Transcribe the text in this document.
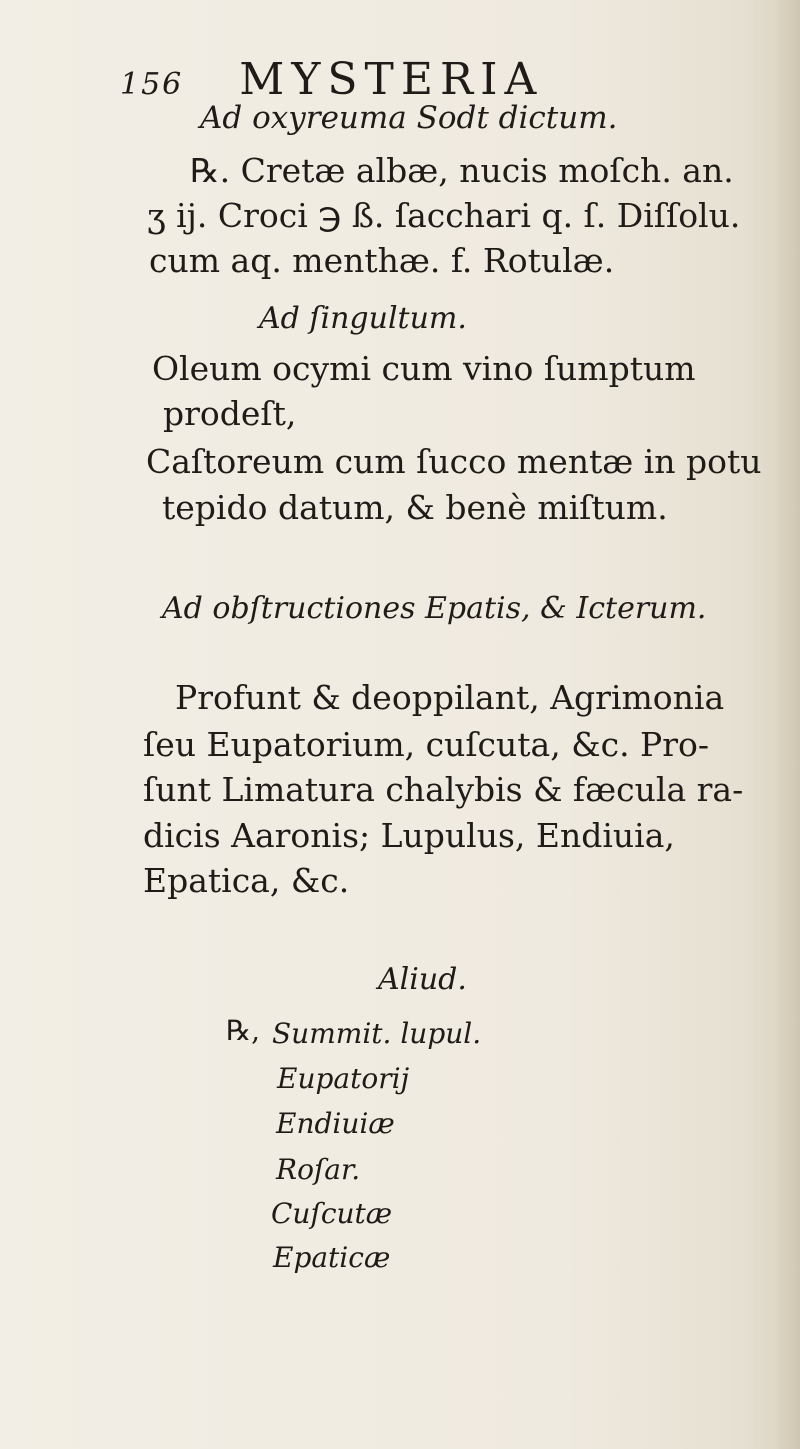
156 MYSTERIA
Ad oxyreuma Sodt dictum.
℞. Cretæ albæ, nucis moſch. an.
ʒ ij. Croci ℈ ß. ſacchari q. ſ. Diſſolu.
cum aq. menthæ. f. Rotulæ.
Ad ſingultum.
Oleum ocymi cum vino ſumptum
prodeſt,
Caſtoreum cum ſucco mentæ in potu
tepido datum, & benè miſtum.
Ad obſtructiones Epatis, & Icterum.
Profunt & deoppilant, Agrimonia
ſeu Eupatorium, cuſcuta, &c. Pro-
ſunt Limatura chalybis & fæcula ra-
dicis Aaronis; Lupulus, Endiuia,
Epatica, &c.
Aliud.
℞, Summit. lupul.
Eupatorij
Endiuiæ
Roſar.
Cuſcutæ
Epaticæ
